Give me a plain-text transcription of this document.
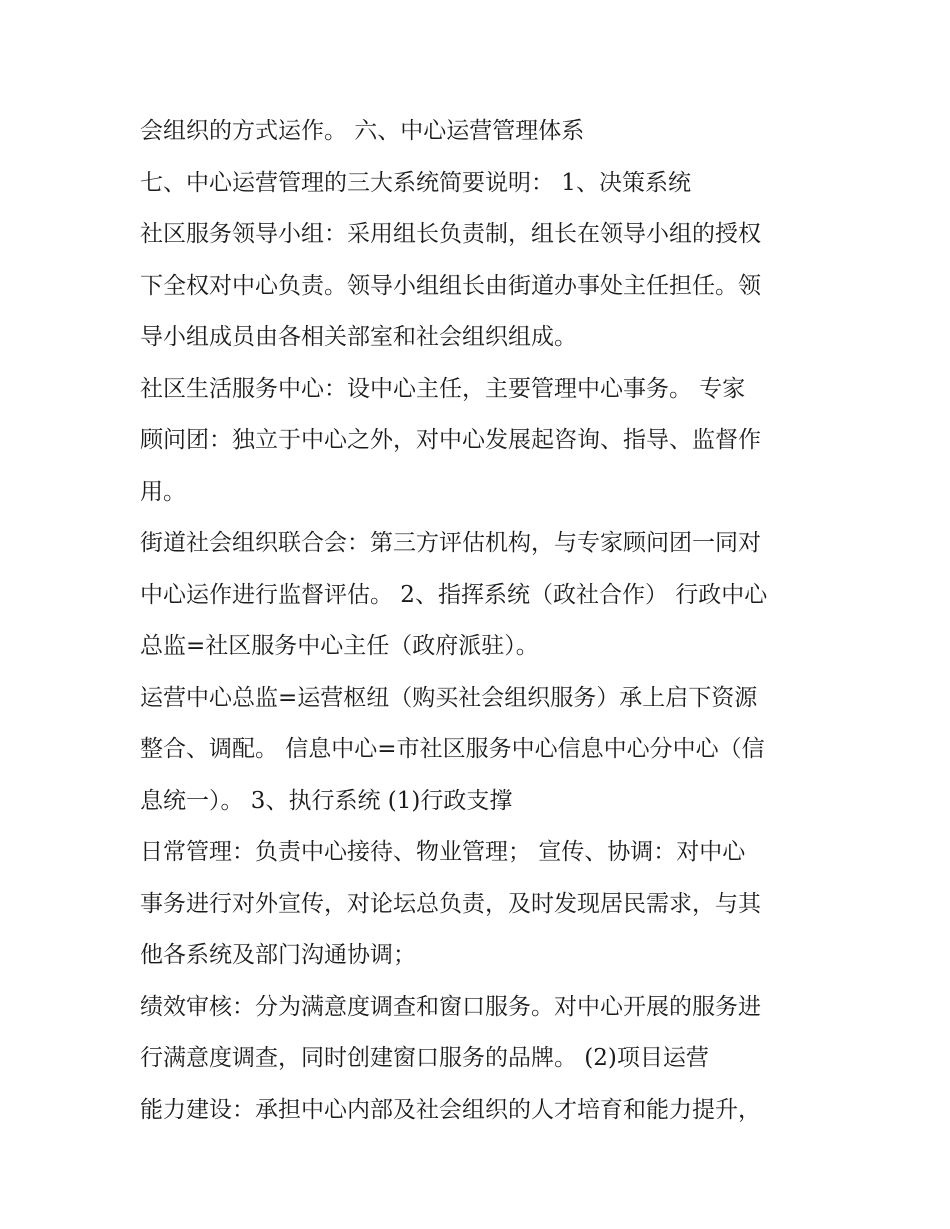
会组织的方式运作。 六、中心运营管理体系
七、中心运营管理的三大系统简要说明： 1、决策系统
社区服务领导小组：采用组长负责制，组长在领导小组的授权
下全权对中心负责。领导小组组长由街道办事处主任担任。领
导小组成员由各相关部室和社会组织组成。
社区生活服务中心：设中心主任，主要管理中心事务。 专家
顾问团：独立于中心之外，对中心发展起咨询、指导、监督作
用。
街道社会组织联合会：第三方评估机构，与专家顾问团一同对
中心运作进行监督评估。 2、指挥系统（政社合作） 行政中心
总监=社区服务中心主任（政府派驻）。
运营中心总监=运营枢纽（购买社会组织服务）承上启下资源
整合、调配。 信息中心=市社区服务中心信息中心分中心（信
息统一）。 3、执行系统 (1)行政支撑
日常管理：负责中心接待、物业管理； 宣传、协调：对中心
事务进行对外宣传，对论坛总负责，及时发现居民需求，与其
他各系统及部门沟通协调；
绩效审核：分为满意度调查和窗口服务。对中心开展的服务进
行满意度调查，同时创建窗口服务的品牌。 (2)项目运营
能力建设：承担中心内部及社会组织的人才培育和能力提升，
